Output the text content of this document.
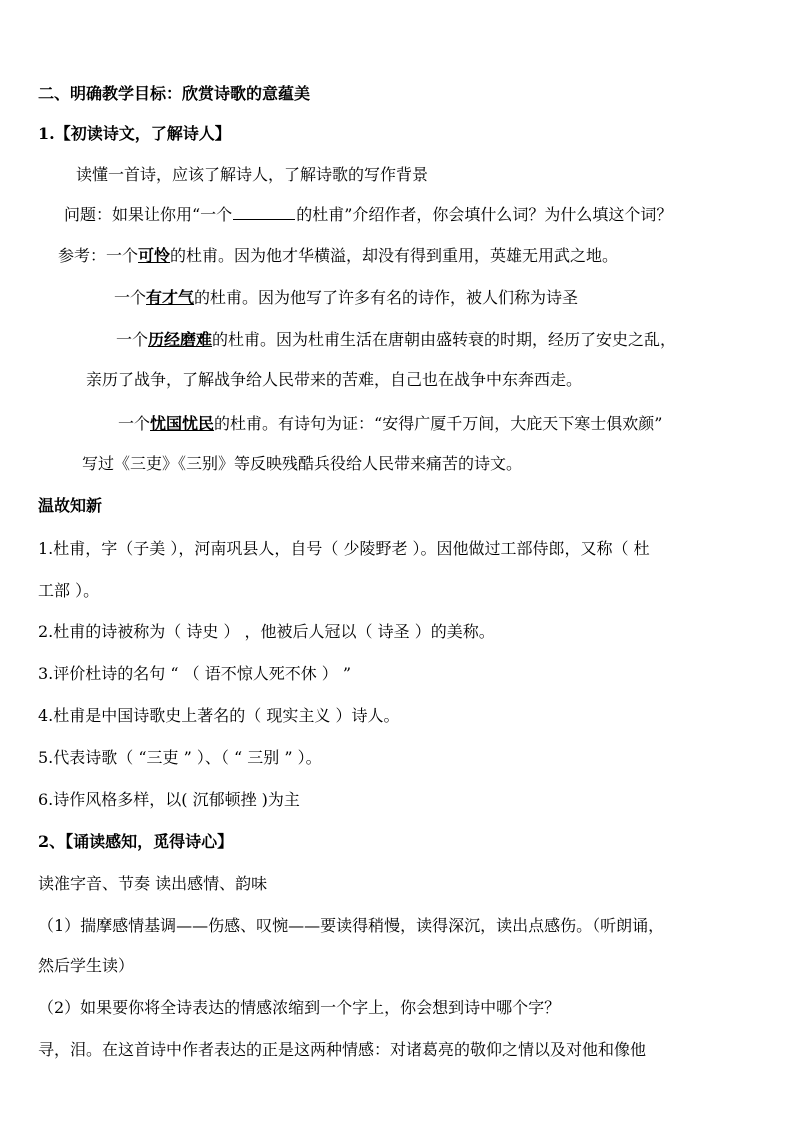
二、明确教学目标：欣赏诗歌的意蕴美
1.【初读诗文，了解诗人】
读懂一首诗，应该了解诗人，了解诗歌的写作背景
问题：如果让你用“一个	的杜甫”介绍作者，你会填什么词？为什么填这个词？
参考：一个可怜的杜甫。因为他才华横溢，却没有得到重用，英雄无用武之地。
一个有才气的杜甫。因为他写了许多有名的诗作，被人们称为诗圣
一个历经磨难的杜甫。因为杜甫生活在唐朝由盛转衰的时期，经历了安史之乱，
亲历了战争，了解战争给人民带来的苦难，自己也在战争中东奔西走。
一个忧国忧民的杜甫。有诗句为证：“安得广厦千万间，大庇天下寒士俱欢颜”
写过《三吏》《三别》等反映残酷兵役给人民带来痛苦的诗文。
温故知新
1.杜甫，字（子美 ），河南巩县人，自号（ 少陵野老 ）。因他做过工部侍郎，又称（ 杜
工部 ）。
2.杜甫的诗被称为（ 诗史 ） ，他被后人冠以（ 诗圣 ）的美称。
3.评价杜诗的名句 “ （ 语不惊人死不休 ） ”
4.杜甫是中国诗歌史上著名的（ 现实主义 ）诗人。
5.代表诗歌（ “三吏 ” ）、（ “ 三别 ” ）。
6.诗作风格多样，以( 沉郁顿挫 )为主
2、【诵读感知，觅得诗心】
读准字音、节奏 读出感情、韵味
（1）揣摩感情基调——伤感、叹惋——要读得稍慢，读得深沉，读出点感伤。（听朗诵，
然后学生读）
（2）如果要你将全诗表达的情感浓缩到一个字上，你会想到诗中哪个字？
寻，泪。在这首诗中作者表达的正是这两种情感：对诸葛亮的敬仰之情以及对他和像他
